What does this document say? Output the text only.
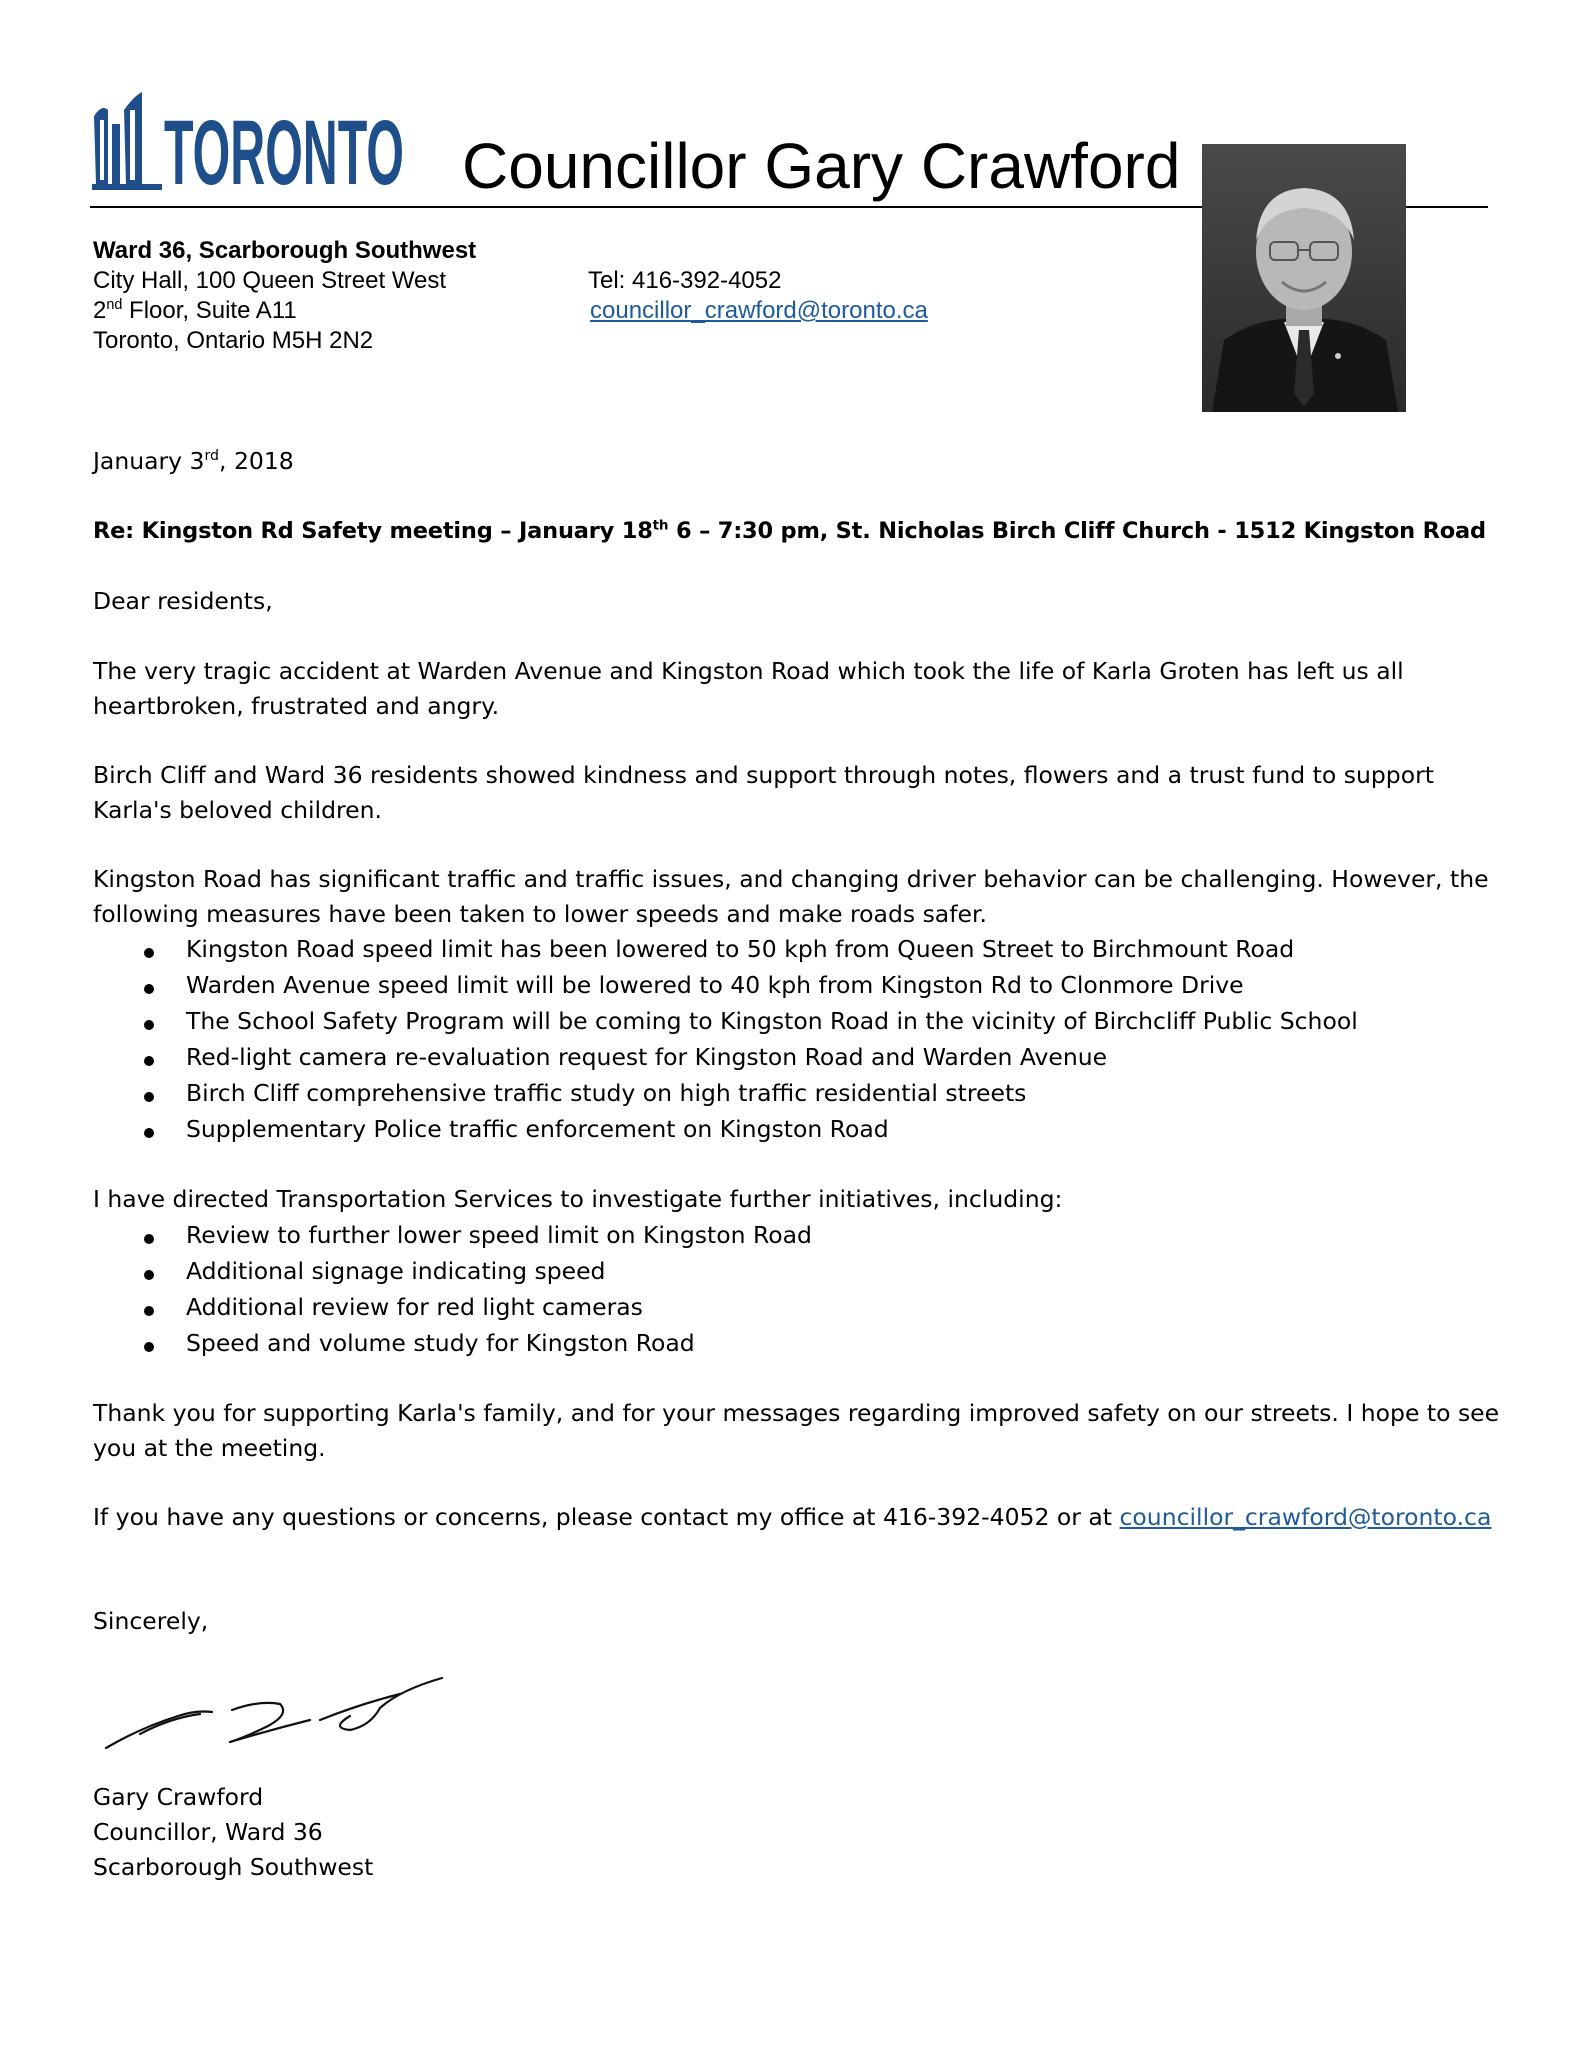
TORONTO Councillor Gary Crawford
Ward 36, Scarborough Southwest
City Hall, 100 Queen Street West
2nd Floor, Suite A11
Toronto, Ontario M5H 2N2
Tel: 416-392-4052
councillor_crawford@toronto.ca
January 3rd, 2018
Re: Kingston Rd Safety meeting – January 18th 6 – 7:30 pm, St. Nicholas Birch Cliff Church - 1512 Kingston Road
Dear residents,
The very tragic accident at Warden Avenue and Kingston Road which took the life of Karla Groten has left us all
heartbroken, frustrated and angry.
Birch Cliff and Ward 36 residents showed kindness and support through notes, flowers and a trust fund to support
Karla's beloved children.
Kingston Road has significant traffic and traffic issues, and changing driver behavior can be challenging. However, the
following measures have been taken to lower speeds and make roads safer.
Kingston Road speed limit has been lowered to 50 kph from Queen Street to Birchmount Road
Warden Avenue speed limit will be lowered to 40 kph from Kingston Rd to Clonmore Drive
The School Safety Program will be coming to Kingston Road in the vicinity of Birchcliff Public School
Red-light camera re-evaluation request for Kingston Road and Warden Avenue
Birch Cliff comprehensive traffic study on high traffic residential streets
Supplementary Police traffic enforcement on Kingston Road
I have directed Transportation Services to investigate further initiatives, including:
Review to further lower speed limit on Kingston Road
Additional signage indicating speed
Additional review for red light cameras
Speed and volume study for Kingston Road
Thank you for supporting Karla's family, and for your messages regarding improved safety on our streets. I hope to see
you at the meeting.
If you have any questions or concerns, please contact my office at 416-392-4052 or at councillor_crawford@toronto.ca
Sincerely,
Gary Crawford
Councillor, Ward 36
Scarborough Southwest
